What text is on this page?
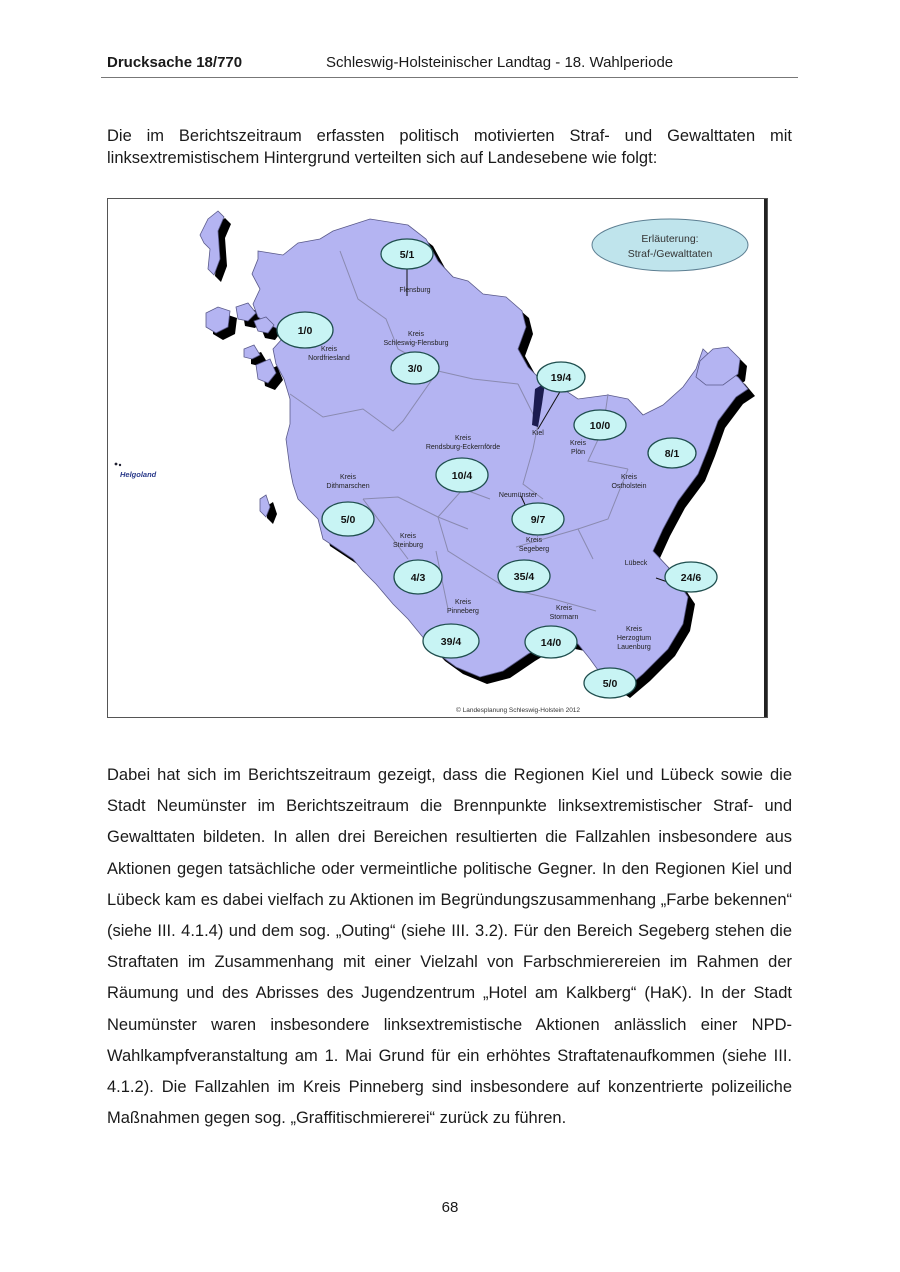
Drucksache 18/770	Schleswig-Holsteinischer Landtag - 18. Wahlperiode

Die im Berichtszeitraum erfassten politisch motivierten Straf- und Gewalttaten mit linksextremistischem Hintergrund verteilten sich auf Landesebene wie folgt:

Flensburg
5/1
Kreis
Nordfriesland
1/0	Kreis
Schleswig-Flensburg
3/0
Kiel
19/4
Kreis
Plön
10/0
Kreis
Ostholstein
8/1
Kreis
Rendsburg-Eckernförde
10/4
Kreis
Dithmarschen
5/0
Neumünster
9/7
Kreis
Steinburg
4/3
Kreis
Segeberg
35/4
Lübeck
24/6
Kreis
Pinneberg
39/4
Kreis
Stormarn
14/0
Kreis
Herzogtum
Lauenburg
5/0
Erläuterung:
Straf-/Gewalttaten
Helgoland
© Landesplanung Schleswig-Holstein 2012

Dabei hat sich im Berichtszeitraum gezeigt, dass die Regionen Kiel und Lübeck sowie die Stadt Neumünster im Berichtszeitraum die Brennpunkte linksextremistischer Straf- und Gewalttaten bildeten. In allen drei Bereichen resultierten die Fallzahlen insbesondere aus Aktionen gegen tatsächliche oder vermeintliche politische Gegner. In den Regionen Kiel und Lübeck kam es dabei vielfach zu Aktionen im Begründungszusammenhang „Farbe bekennen“ (siehe III. 4.1.4) und dem sog. „Outing“ (siehe III. 3.2). Für den Bereich Segeberg stehen die Straftaten im Zusammenhang mit einer Vielzahl von Farbschmierereien im Rahmen der Räumung und des Abrisses des Jugendzentrum „Hotel am Kalkberg“ (HaK). In der Stadt Neumünster waren insbesondere linksextremistische Aktionen anlässlich einer NPD-Wahlkampfveranstaltung am 1. Mai Grund für ein erhöhtes Straftatenaufkommen (siehe III. 4.1.2). Die Fallzahlen im Kreis Pinneberg sind insbesondere auf konzentrierte polizeiliche Maßnahmen gegen sog. „Graffitischmiererei“ zurück zu führen.

68
